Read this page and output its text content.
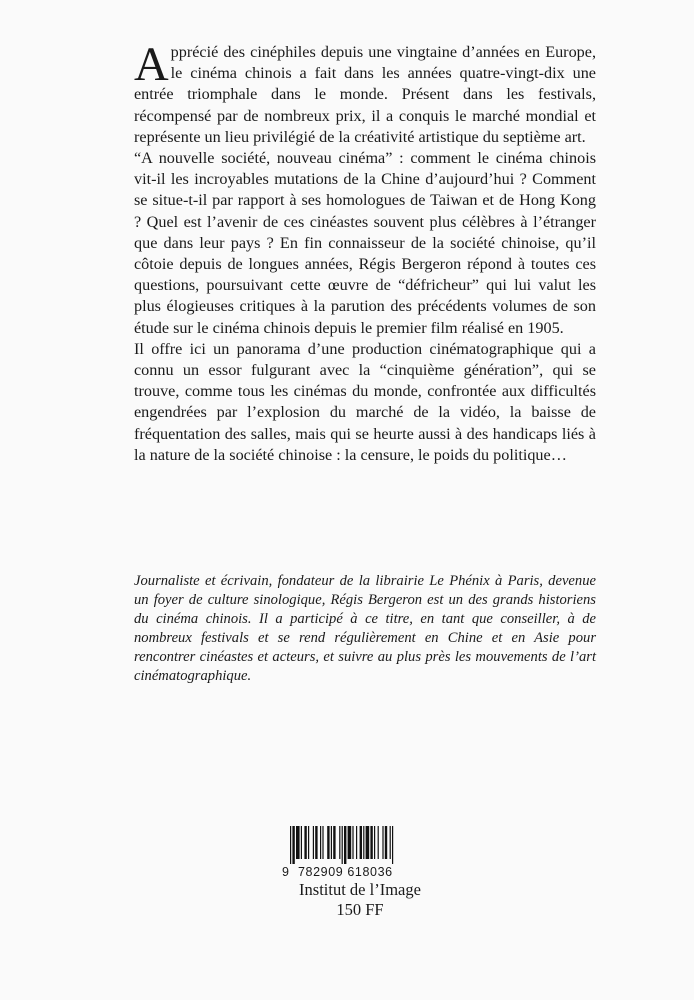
Apprécié des cinéphiles depuis une vingtaine d’années en Europe, le cinéma chinois a fait dans les années quatre-vingt-dix une entrée triomphale dans le monde. Présent dans les festivals, récompensé par de nombreux prix, il a conquis le marché mondial et représente un lieu privilégié de la créativité artistique du septième art.

“A nouvelle société, nouveau cinéma” : comment le cinéma chinois vit-il les incroyables mutations de la Chine d’aujourd’hui ? Comment se situe-t-il par rapport à ses homologues de Taiwan et de Hong Kong ? Quel est l’avenir de ces cinéastes souvent plus célèbres à l’étranger que dans leur pays ? En fin connaisseur de la société chinoise, qu’il côtoie depuis de longues années, Régis Bergeron répond à toutes ces questions, poursuivant cette œuvre de “défricheur” qui lui valut les plus élogieuses critiques à la parution des précédents volumes de son étude sur le cinéma chinois depuis le premier film réalisé en 1905.

Il offre ici un panorama d’une production cinématographique qui a connu un essor fulgurant avec la “cinquième génération”, qui se trouve, comme tous les cinémas du monde, confrontée aux difficultés engendrées par l’explosion du marché de la vidéo, la baisse de fréquentation des salles, mais qui se heurte aussi à des handicaps liés à la nature de la société chinoise : la censure, le poids du politique…

Journaliste et écrivain, fondateur de la librairie Le Phénix à Paris, devenue un foyer de culture sinologique, Régis Bergeron est un des grands historiens du cinéma chinois. Il a participé à ce titre, en tant que conseiller, à de nombreux festivals et se rend régulièrement en Chine et en Asie pour rencontrer cinéastes et acteurs, et suivre au plus près les mouvements de l’art cinématographique.
9 782909 618036
Institut de l’Image
150 FF
